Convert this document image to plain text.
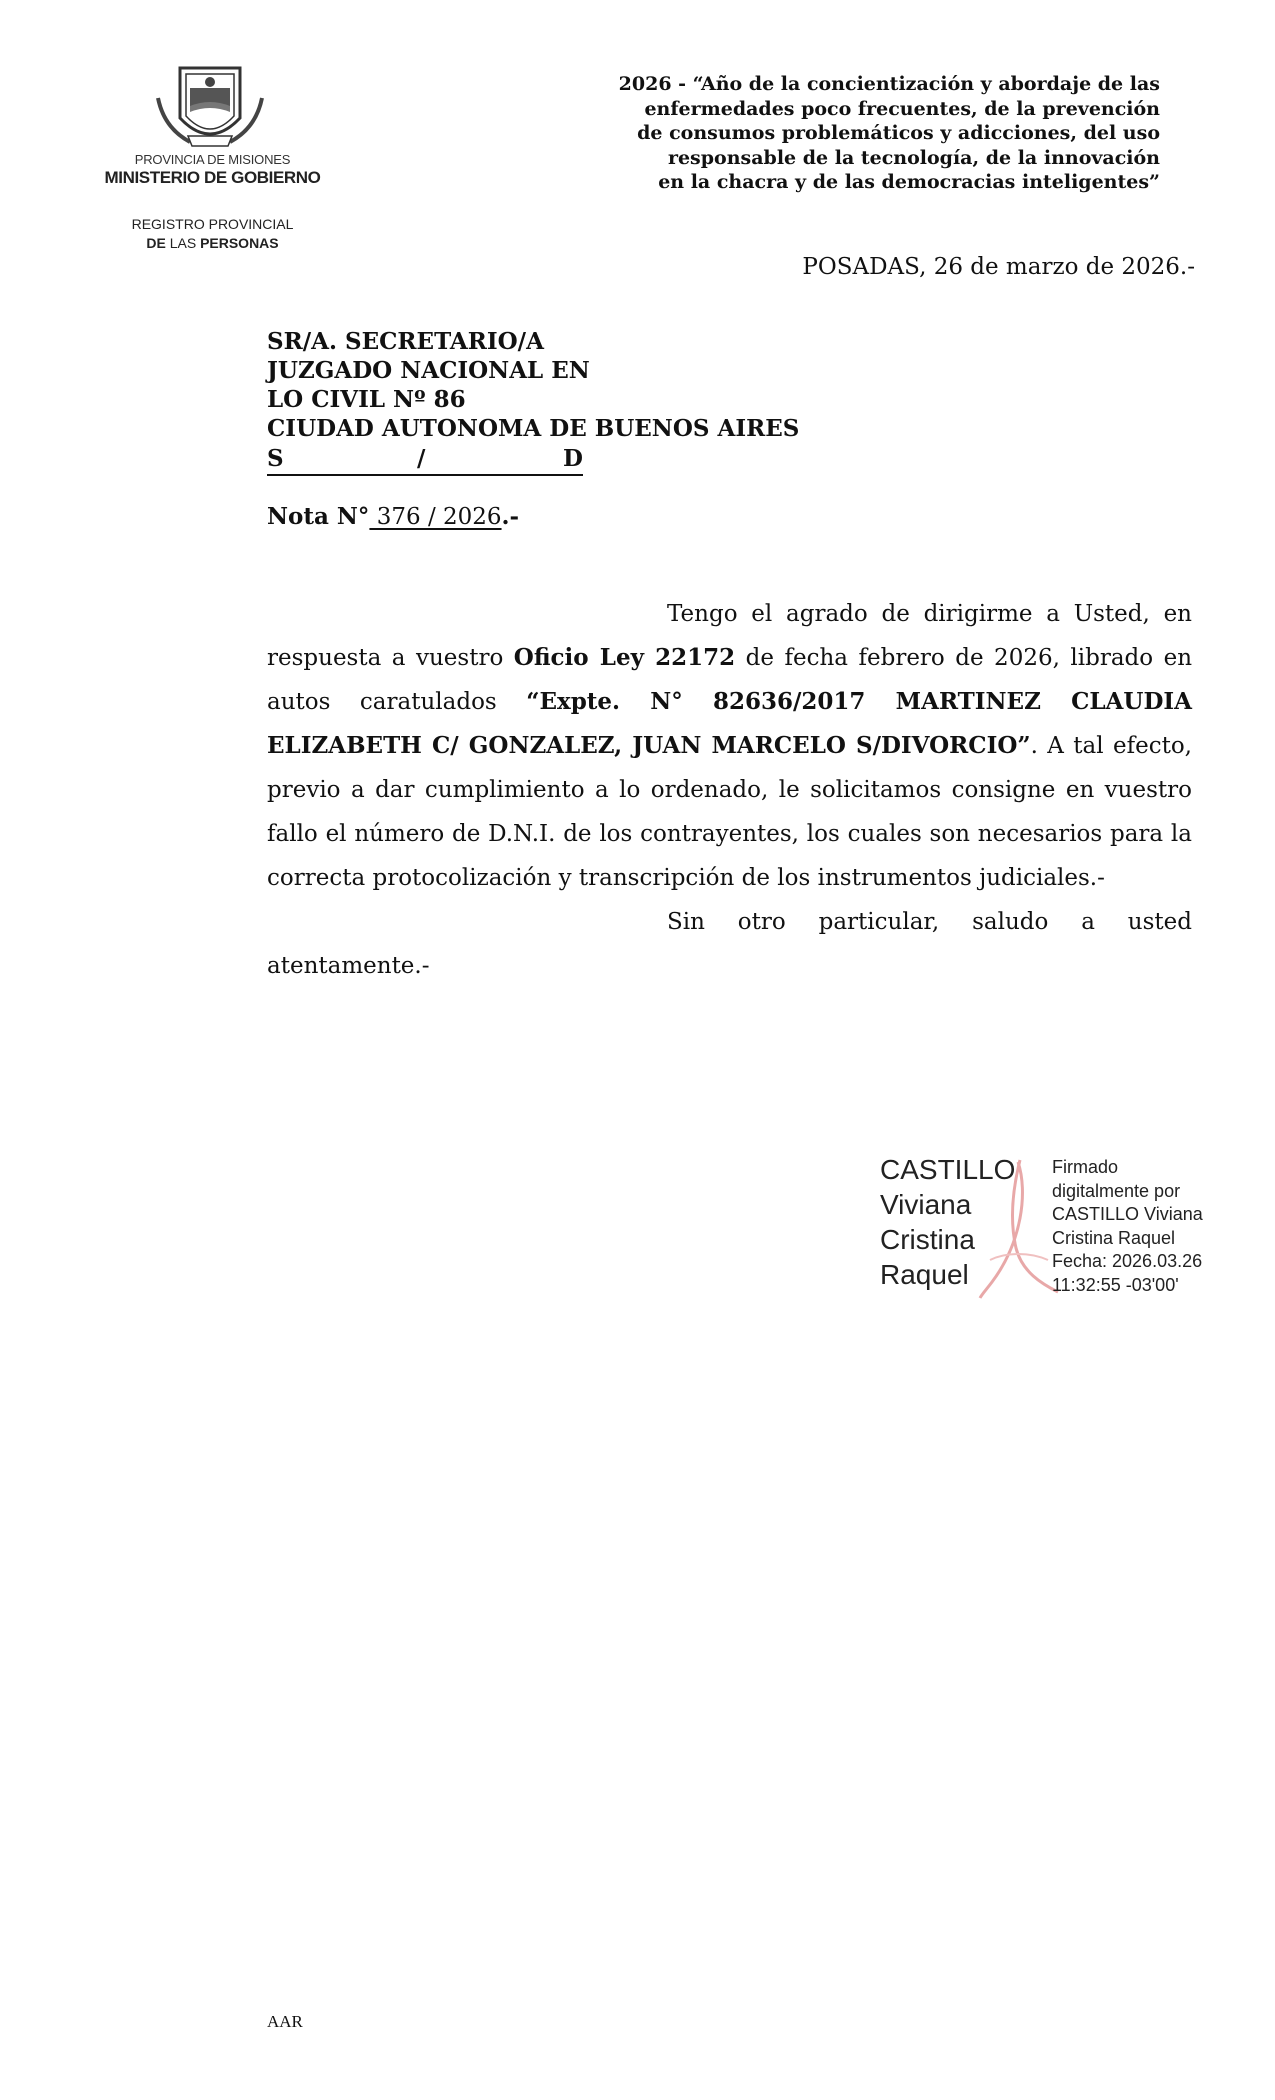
PROVINCIA DE MISIONES
MINISTERIO DE GOBIERNO
REGISTRO PROVINCIAL
DE LAS PERSONAS
2026 - “Año de la concientización y abordaje de las
enfermedades poco frecuentes, de la prevención
de consumos problemáticos y adicciones, del uso
responsable de la tecnología, de la innovación
en la chacra y de las democracias inteligentes”
POSADAS, 26 de marzo de 2026.-
SR/A. SECRETARIO/A
JUZGADO NACIONAL EN
LO CIVIL Nº 86
CIUDAD AUTONOMA DE BUENOS AIRES
S	/	D
Nota N° 376 / 2026.-

Tengo el agrado de dirigirme a Usted, en respuesta a vuestro Oficio Ley 22172 de fecha febrero de 2026, librado en autos caratulados “Expte. N° 82636/2017 MARTINEZ CLAUDIA ELIZABETH C/ GONZALEZ, JUAN MARCELO S/DIVORCIO”. A tal efecto, previo a dar cumplimiento a lo ordenado, le solicitamos consigne en vuestro fallo el número de D.N.I. de los contrayentes, los cuales son necesarios para la correcta protocolización y transcripción de los instrumentos judiciales.-

Sin otro particular, saludo a usted atentamente.-

CASTILLO
Viviana
Cristina
Raquel
Firmado
digitalmente por
CASTILLO Viviana
Cristina Raquel
Fecha: 2026.03.26
11:32:55 -03'00'
AAR
